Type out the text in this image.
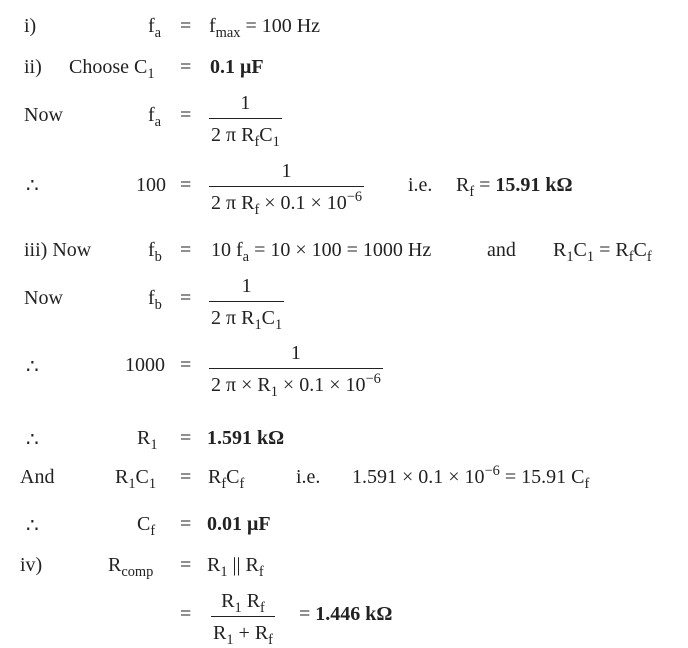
i)	$f_a = f_{max} = 100$ Hz
ii) Choose $C_1 = 0.1$ μF
Now	$f_a$ =
1
2 π $R_fC_1$
∴	100 =
1
2 π $R_f \times 0.1 \times 10^{-6}$
i.e. $R_f = 15.91$ kΩ
iii) Now	$f_b = 10$ $f_a = 10 \times 100 = 1000$ Hz	and $R_1C_1 = R_fC_f$
Now	$f_b$ =
1
2 π $R_1C_1$
∴	1000 =
1
2 $\pi \times R_1 \times 0.1 \times 10^{-6}$
∴	$R_1 = 1.591$ kΩ
And	$R_1C_1 = R_fC_f$	i.e. $1.591 \times 0.1 \times 10^{-6} = 15.91$ $C_f$
∴	$C_f = 0.01$ μF
iv)	$R_{comp} = R_1$ || $R_f$
=
$R_1$ $R_f$
$R_1 + R_f$
= 1.446 kΩ
